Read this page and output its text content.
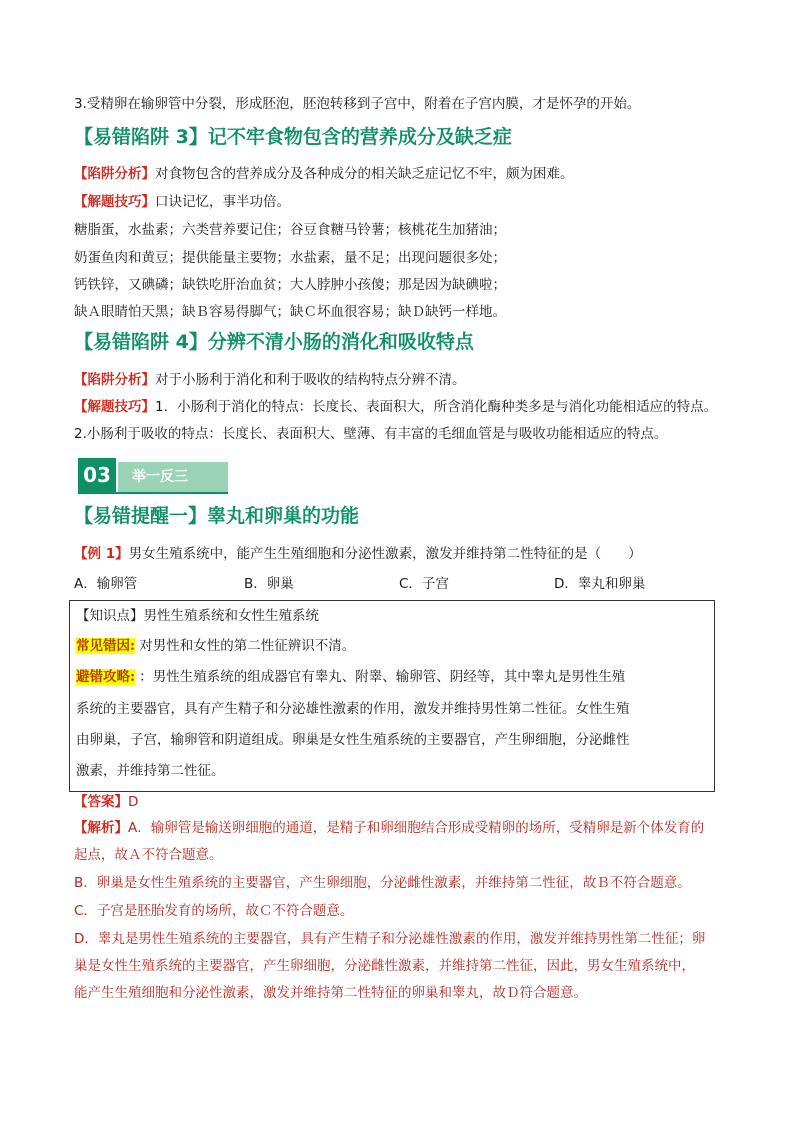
3.受精卵在输卵管中分裂，形成胚泡，胚泡转移到子宫中，附着在子宫内膜，才是怀孕的开始。
【易错陷阱 3】记不牢食物包含的营养成分及缺乏症
【陷阱分析】对食物包含的营养成分及各种成分的相关缺乏症记忆不牢，颇为困难。
【解题技巧】口诀记忆，事半功倍。
糖脂蛋，水盐素；六类营养要记住；谷豆食糖马铃薯；核桃花生加猪油；
奶蛋鱼肉和黄豆；提供能量主要物；水盐素，量不足；出现问题很多处；
钙铁锌，又碘磷；缺铁吃肝治血贫；大人脖肿小孩傻；那是因为缺碘啦；
缺Ａ眼睛怕天黑；缺Ｂ容易得脚气；缺Ｃ坏血很容易；缺Ｄ缺钙一样地。
【易错陷阱 4】分辨不清小肠的消化和吸收特点
【陷阱分析】对于小肠利于消化和利于吸收的结构特点分辨不清。
【解题技巧】1．小肠利于消化的特点：长度长、表面积大，所含消化酶种类多是与消化功能相适应的特点。
2.小肠利于吸收的特点：长度长、表面积大、壁薄、有丰富的毛细血管是与吸收功能相适应的特点。
03	举一反三
【易错提醒一】睾丸和卵巢的功能
【例 1】男女生殖系统中，能产生生殖细胞和分泌性激素，激发并维持第二性特征的是（　　）
A．输卵管	B．卵巢	C．子宫	D．睾丸和卵巢
【知识点】男性生殖系统和女性生殖系统
常见错因: 对男性和女性的第二性征辨识不清。
避错攻略: ：男性生殖系统的组成器官有睾丸、附睾、输卵管、阴经等，其中睾丸是男性生殖
系统的主要器官，具有产生精子和分泌雄性激素的作用，激发并维持男性第二性征。女性生殖
由卵巢，子宫，输卵管和阴道组成。卵巢是女性生殖系统的主要器官，产生卵细胞，分泌雌性
激素，并维持第二性征。
【答案】D
【解析】A．输卵管是输送卵细胞的通道，是精子和卵细胞结合形成受精卵的场所，受精卵是新个体发育的
起点，故Ａ不符合题意。
B．卵巢是女性生殖系统的主要器官，产生卵细胞，分泌雌性激素，并维持第二性征，故Ｂ不符合题意。
C．子宫是胚胎发育的场所，故Ｃ不符合题意。
D．睾丸是男性生殖系统的主要器官，具有产生精子和分泌雄性激素的作用，激发并维持男性第二性征；卵
巢是女性生殖系统的主要器官，产生卵细胞，分泌雌性激素，并维持第二性征，因此，男女生殖系统中，
能产生生殖细胞和分泌性激素，激发并维持第二性特征的卵巢和睾丸，故Ｄ符合题意。
